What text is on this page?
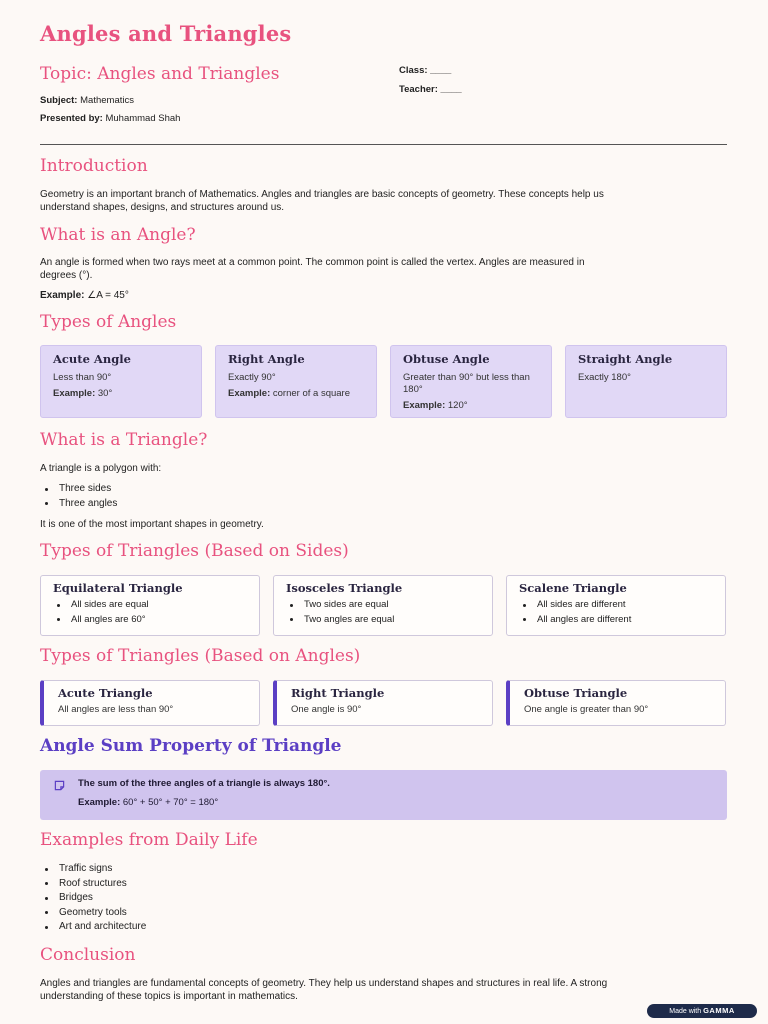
Angles and Triangles
Topic: Angles and Triangles
Subject: Mathematics
Presented by: Muhammad Shah
Class: ____
Teacher: ____
Introduction
Geometry is an important branch of Mathematics. Angles and triangles are basic concepts of geometry. These concepts help us
understand shapes, designs, and structures around us.
What is an Angle?
An angle is formed when two rays meet at a common point. The common point is called the vertex. Angles are measured in
degrees (°).
Example: ∠A = 45°
Types of Angles
Acute Angle
Less than 90°
Example: 30°
Right Angle
Exactly 90°
Example: corner of a square
Obtuse Angle
Greater than 90° but less than 180°
Example: 120°
Straight Angle
Exactly 180°
What is a Triangle?
A triangle is a polygon with:
Three sides
Three angles
It is one of the most important shapes in geometry.
Types of Triangles (Based on Sides)
Equilateral Triangle
All sides are equal
All angles are 60°
Isosceles Triangle
Two sides are equal
Two angles are equal
Scalene Triangle
All sides are different
All angles are different
Types of Triangles (Based on Angles)
Acute Triangle
All angles are less than 90°
Right Triangle
One angle is 90°
Obtuse Triangle
One angle is greater than 90°
Angle Sum Property of Triangle
The sum of the three angles of a triangle is always 180°.
Example: 60° + 50° + 70° = 180°
Examples from Daily Life
Traffic signs
Roof structures
Bridges
Geometry tools
Art and architecture
Conclusion
Angles and triangles are fundamental concepts of geometry. They help us understand shapes and structures in real life. A strong
understanding of these topics is important in mathematics.
Made with GAMMA
